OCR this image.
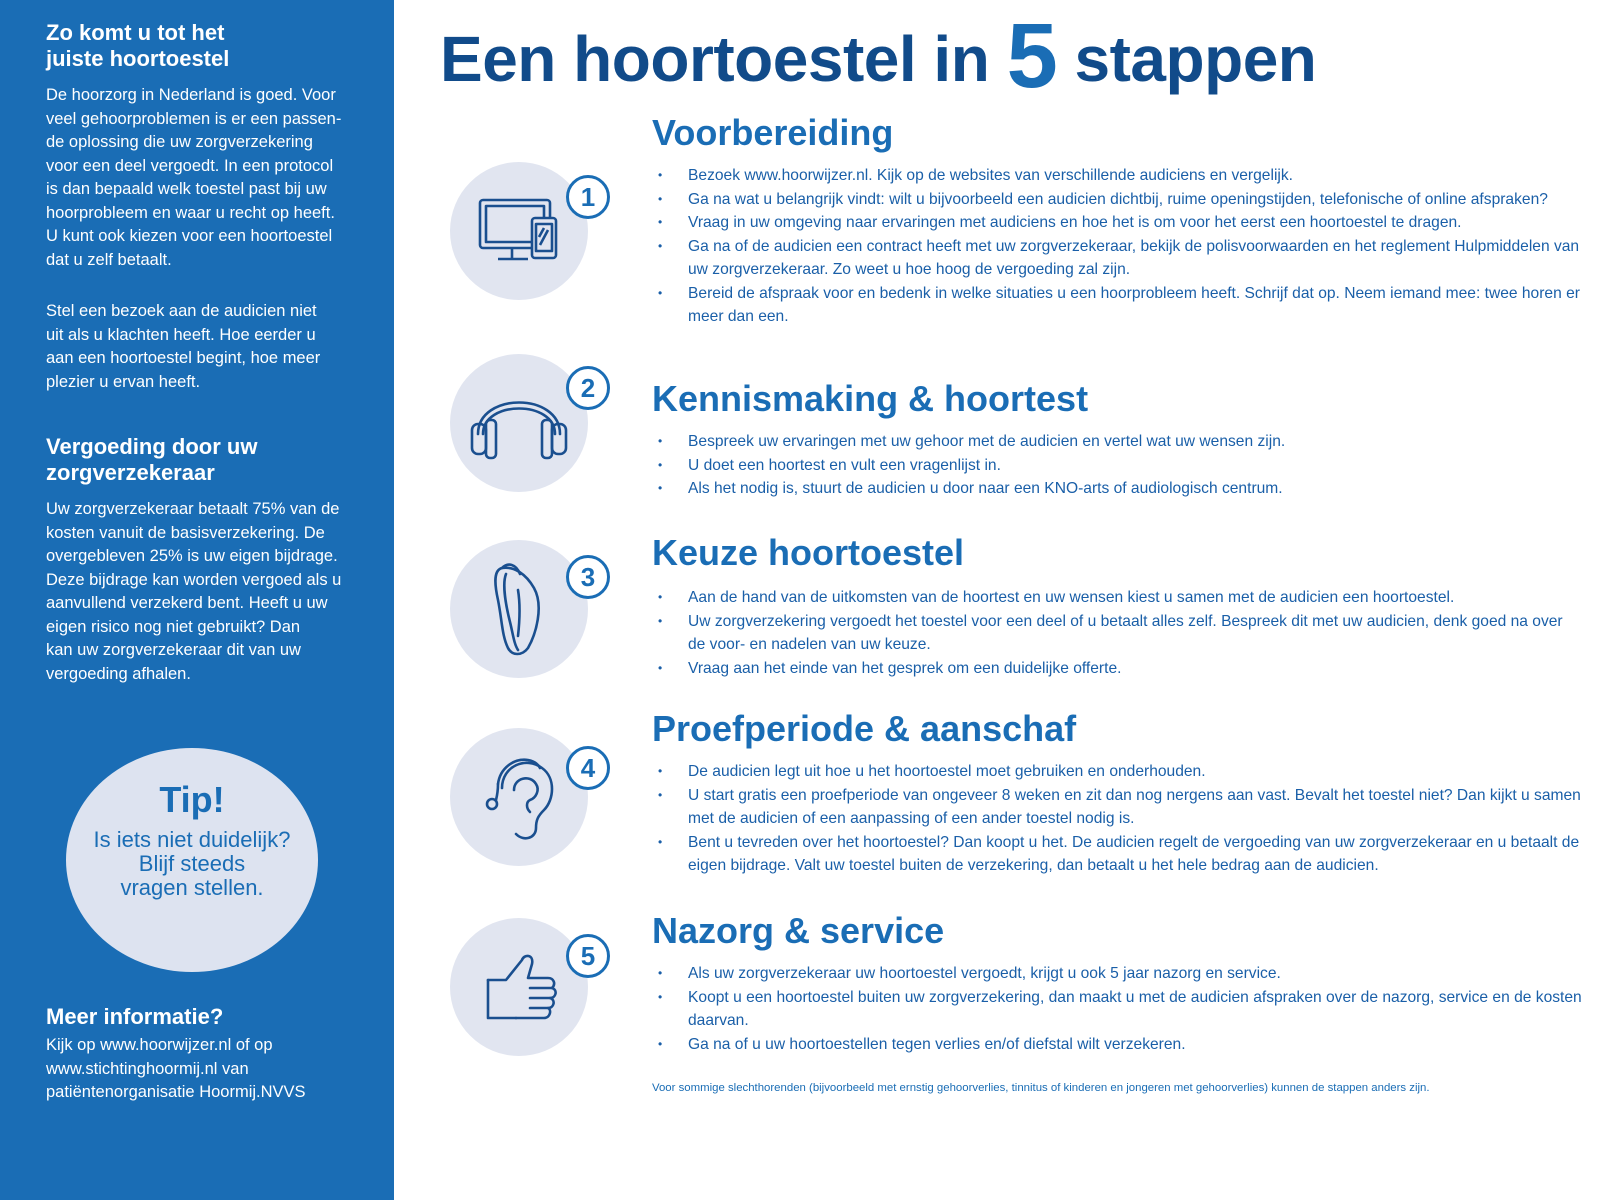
Zo komt u tot het
juiste hoortoestel

De hoorzorg in Nederland is goed. Voor
veel gehoorproblemen is er een passen-
de oplossing die uw zorgverzekering
voor een deel vergoedt. In een protocol
is dan bepaald welk toestel past bij uw
hoorprobleem en waar u recht op heeft.
U kunt ook kiezen voor een hoortoestel
dat u zelf betaalt.

Stel een bezoek aan de audicien niet
uit als u klachten heeft. Hoe eerder u
aan een hoortoestel begint, hoe meer
plezier u ervan heeft.

Vergoeding door uw
zorgverzekeraar

Uw zorgverzekeraar betaalt 75% van de
kosten vanuit de basisverzekering. De
overgebleven 25% is uw eigen bijdrage.
Deze bijdrage kan worden vergoed als u
aanvullend verzekerd bent. Heeft u uw
eigen risico nog niet gebruikt? Dan
kan uw zorgverzekeraar dit van uw
vergoeding afhalen.

Tip!
Is iets niet duidelijk?
Blijf steeds
vragen stellen.
Meer informatie?

Kijk op www.hoorwijzer.nl of op
www.stichtinghoormij.nl van
patiëntenorganisatie Hoormij.NVVS

Een hoortoestel in 5 stappen
1
2
3
4
5
Voorbereiding
• Bezoek www.hoorwijzer.nl. Kijk op de websites van verschillende audiciens en vergelijk.
• Ga na wat u belangrijk vindt: wilt u bijvoorbeeld een audicien dichtbij, ruime openingstijden, telefonische of online afspraken?
• Vraag in uw omgeving naar ervaringen met audiciens en hoe het is om voor het eerst een hoortoestel te dragen.
• Ga na of de audicien een contract heeft met uw zorgverzekeraar, bekijk de polisvoorwaarden en het reglement Hulpmiddelen van uw zorgverzekeraar. Zo weet u hoe hoog de vergoeding zal zijn.
• Bereid de afspraak voor en bedenk in welke situaties u een hoorprobleem heeft. Schrijf dat op. Neem iemand mee: twee horen er meer dan een.
Kennismaking & hoortest
• Bespreek uw ervaringen met uw gehoor met de audicien en vertel wat uw wensen zijn.
• U doet een hoortest en vult een vragenlijst in.
• Als het nodig is, stuurt de audicien u door naar een KNO-arts of audiologisch centrum.
Keuze hoortoestel
• Aan de hand van de uitkomsten van de hoortest en uw wensen kiest u samen met de audicien een hoortoestel.
• Uw zorgverzekering vergoedt het toestel voor een deel of u betaalt alles zelf. Bespreek dit met uw audicien, denk goed na over de voor- en nadelen van uw keuze.
• Vraag aan het einde van het gesprek om een duidelijke offerte.
Proefperiode & aanschaf
• De audicien legt uit hoe u het hoortoestel moet gebruiken en onderhouden.
• U start gratis een proefperiode van ongeveer 8 weken en zit dan nog nergens aan vast. Bevalt het toestel niet? Dan kijkt u samen met de audicien of een aanpassing of een ander toestel nodig is.
• Bent u tevreden over het hoortoestel? Dan koopt u het. De audicien regelt de vergoeding van uw zorgverzekeraar en u betaalt de eigen bijdrage. Valt uw toestel buiten de verzekering, dan betaalt u het hele bedrag aan de audicien.
Nazorg & service
• Als uw zorgverzekeraar uw hoortoestel vergoedt, krijgt u ook 5 jaar nazorg en service.
• Koopt u een hoortoestel buiten uw zorgverzekering, dan maakt u met de audicien afspraken over de nazorg, service en de kosten daarvan.
• Ga na of u uw hoortoestellen tegen verlies en/of diefstal wilt verzekeren.

Voor sommige slechthorenden (bijvoorbeeld met ernstig gehoorverlies, tinnitus of kinderen en jongeren met gehoorverlies) kunnen de stappen anders zijn.
